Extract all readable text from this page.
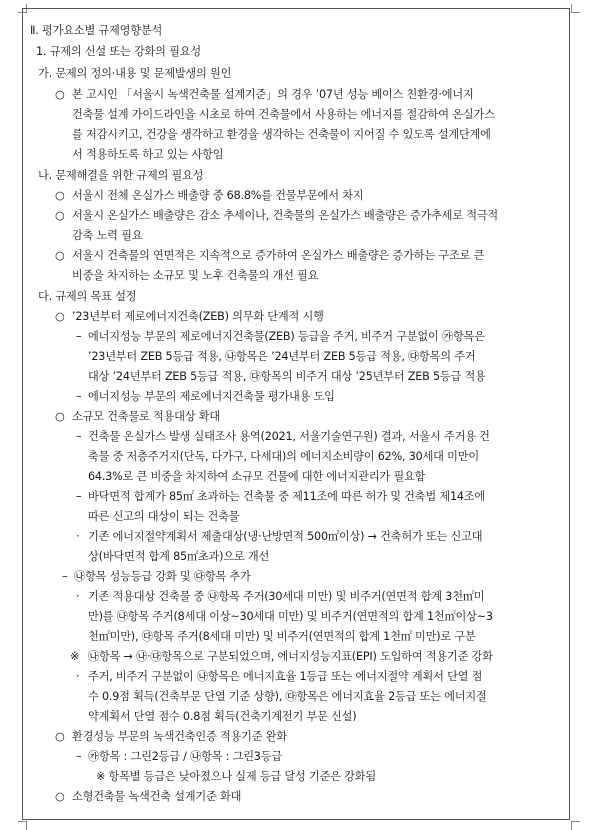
Ⅱ. 평가요소별 규제영향분석
1. 규제의 신설 또는 강화의 필요성
가. 문제의 정의·내용 및 문제발생의 원인
○ 본 고시인 「서울시 녹색건축물 설계기준」의 경우 ’07년 성능 베이스 친환경·에너지
건축물 설계 가이드라인을 시초로 하여 건축물에서 사용하는 에너지를 절감하여 온실가스
를 저감시키고, 건강을 생각하고 환경을 생각하는 건축물이 지어질 수 있도록 설계단계에
서 적용하도록 하고 있는 사항임
나. 문제해결을 위한 규제의 필요성
○ 서울시 전체 온실가스 배출량 중 68.8%를 건물부문에서 차지
○ 서울시 온실가스 배출량은 감소 추세이나, 건축물의 온실가스 배출량은 증가추세로 적극적
감축 노력 필요
○ 서울시 건축물의 연면적은 지속적으로 증가하여 온실가스 배출량은 증가하는 구조로 큰
비중을 차지하는 소규모 및 노후 건축물의 개선 필요
다. 규제의 목표 설정
○ ’23년부터 제로에너지건축(ZEB) 의무화 단계적 시행
– 에너지성능 부문의 제로에너지건축물(ZEB) 등급을 주거, 비주거 구분없이 ㉮항목은
’23년부터 ZEB 5등급 적용, ㉯항목은 ’24년부터 ZEB 5등급 적용, ㉰항목의 주거
대상 ’24년부터 ZEB 5등급 적용, ㉰항목의 비주거 대상 ’25년부터 ZEB 5등급 적용
– 에너지성능 부문의 제로에너지건축물 평가내용 도입
○ 소규모 건축물로 적용대상 확대
– 건축물 온실가스 발생 실태조사 용역(2021, 서울기술연구원) 결과, 서울시 주거용 건
축물 중 저층주거지(단독, 다가구, 다세대)의 에너지소비량이 62%, 30세대 미만이
64.3%로 큰 비중을 차지하여 소규모 건물에 대한 에너지관리가 필요함
– 바닥면적 합계가 85㎡ 초과하는 건축물 중 제11조에 따른 허가 및 건축법 제14조에
따른 신고의 대상이 되는 건축물
· 기존 에너지절약계획서 제출대상(냉·난방면적 500㎡이상) → 건축허가 또는 신고대
상(바닥면적 합계 85㎡초과)으로 개선
– ㉯항목 성능등급 강화 및 ㉰항목 추가
· 기존 적용대상 건축물 중 ㉯항목 주거(30세대 미만) 및 비주거(연면적 합계 3천㎡미
만)를 ㉯항목 주거(8세대 이상~30세대 미만) 및 비주거(연면적의 합계 1천㎡이상~3
천㎡미만), ㉰항목 주거(8세대 미만) 및 비주거(연면적의 합계 1천㎡ 미만)로 구분
※ ㉯항목 → ㉯·㉰항목으로 구분되었으며, 에너지성능지표(EPI) 도입하여 적용기준 강화
· 주거, 비주거 구분없이 ㉯항목은 에너지효율 1등급 또는 에너지절약 계획서 단열 점
수 0.9점 획득(건축부문 단열 기준 상향), ㉰항목은 에너지효율 2등급 또는 에너지절
약계획서 단열 점수 0.8점 획득(건축기계전기 부문 신설)
○ 환경성능 부문의 녹색건축인증 적용기준 완화
– ㉮항목 : 그린2등급 / ㉯항목 : 그린3등급
※ 항목별 등급은 낮아졌으나 실제 등급 달성 기준은 강화됨
○ 소형건축물 녹색건축 설계기준 화대
